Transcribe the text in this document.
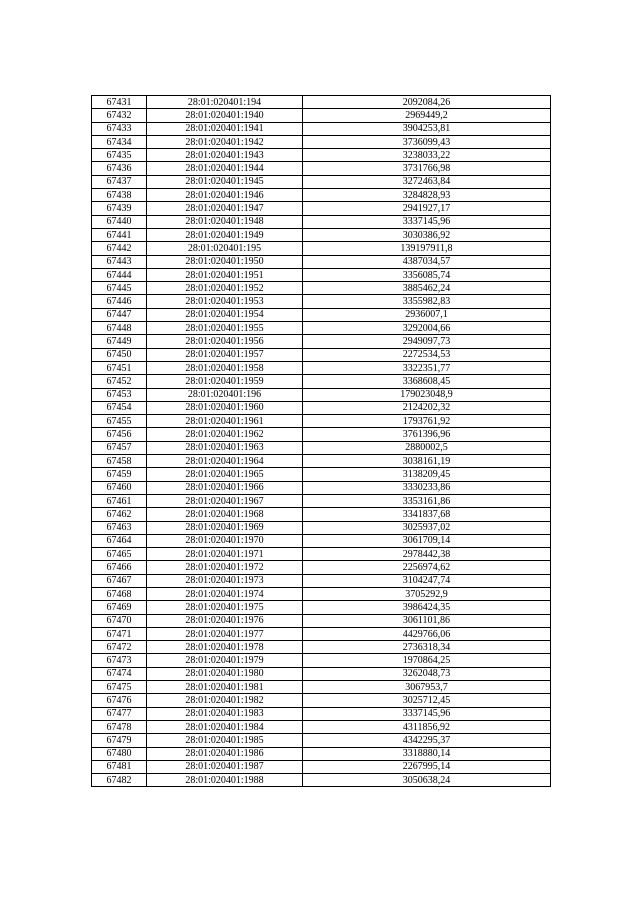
67431	28:01:020401:194	2092084,26
67432	28:01:020401:1940	2969449,2
67433	28:01:020401:1941	3904253,81
67434	28:01:020401:1942	3736099,43
67435	28:01:020401:1943	3238033,22
67436	28:01:020401:1944	3731766,98
67437	28:01:020401:1945	3272463,84
67438	28:01:020401:1946	3284828,93
67439	28:01:020401:1947	2941927,17
67440	28:01:020401:1948	3337145,96
67441	28:01:020401:1949	3030386,92
67442	28:01:020401:195	139197911,8
67443	28:01:020401:1950	4387034,57
67444	28:01:020401:1951	3356085,74
67445	28:01:020401:1952	3885462,24
67446	28:01:020401:1953	3355982,83
67447	28:01:020401:1954	2936007,1
67448	28:01:020401:1955	3292004,66
67449	28:01:020401:1956	2949097,73
67450	28:01:020401:1957	2272534,53
67451	28:01:020401:1958	3322351,77
67452	28:01:020401:1959	3368608,45
67453	28:01:020401:196	179023048,9
67454	28:01:020401:1960	2124202,32
67455	28:01:020401:1961	1793761,92
67456	28:01:020401:1962	3761396,96
67457	28:01:020401:1963	2880002,5
67458	28:01:020401:1964	3038161,19
67459	28:01:020401:1965	3138209,45
67460	28:01:020401:1966	3330233,86
67461	28:01:020401:1967	3353161,86
67462	28:01:020401:1968	3341837,68
67463	28:01:020401:1969	3025937,02
67464	28:01:020401:1970	3061709,14
67465	28:01:020401:1971	2978442,38
67466	28:01:020401:1972	2256974,62
67467	28:01:020401:1973	3104247,74
67468	28:01:020401:1974	3705292,9
67469	28:01:020401:1975	3986424,35
67470	28:01:020401:1976	3061101,86
67471	28:01:020401:1977	4429766,06
67472	28:01:020401:1978	2736318,34
67473	28:01:020401:1979	1970864,25
67474	28:01:020401:1980	3262048,73
67475	28:01:020401:1981	3067953,7
67476	28:01:020401:1982	3025712,45
67477	28:01:020401:1983	3337145,96
67478	28:01:020401:1984	4311856,92
67479	28:01:020401:1985	4342295,37
67480	28:01:020401:1986	3318880,14
67481	28:01:020401:1987	2267995,14
67482	28:01:020401:1988	3050638,24
